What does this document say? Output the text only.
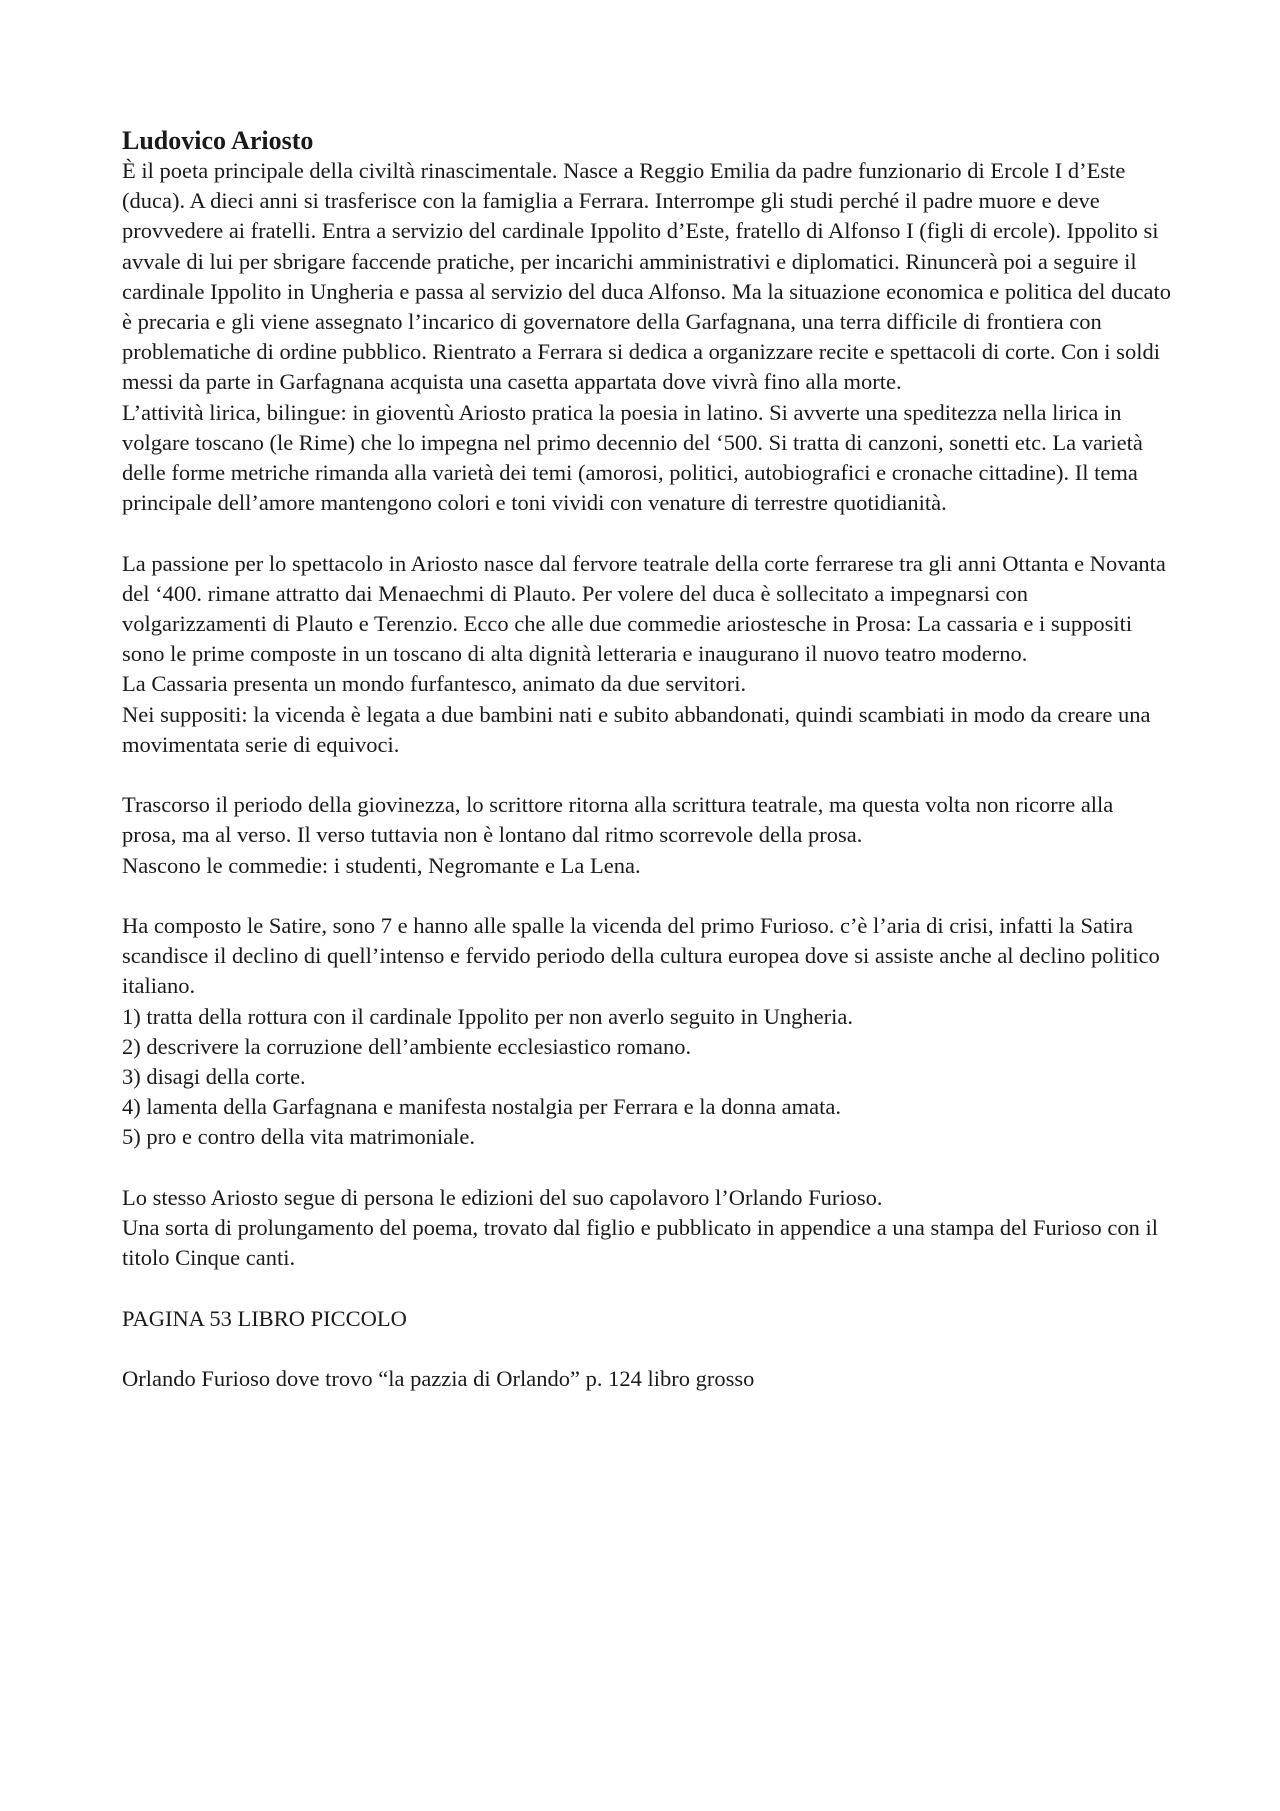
Ludovico Ariosto

È il poeta principale della civiltà rinascimentale. Nasce a Reggio Emilia da padre funzionario di Ercole I d’Este (duca). A dieci anni si trasferisce con la famiglia a Ferrara. Interrompe gli studi perché il padre muore e deve provvedere ai fratelli. Entra a servizio del cardinale Ippolito d’Este, fratello di Alfonso I (figli di ercole). Ippolito si avvale di lui per sbrigare faccende pratiche, per incarichi amministrativi e diplomatici. Rinuncerà poi a seguire il cardinale Ippolito in Ungheria e passa al servizio del duca Alfonso. Ma la situazione economica e politica del ducato è precaria e gli viene assegnato l’incarico di governatore della Garfagnana, una terra difficile di frontiera con problematiche di ordine pubblico. Rientrato a Ferrara si dedica a organizzare recite e spettacoli di corte. Con i soldi messi da parte in Garfagnana acquista una casetta appartata dove vivrà fino alla morte.

L’attività lirica, bilingue: in gioventù Ariosto pratica la poesia in latino. Si avverte una speditezza nella lirica in volgare toscano (le Rime) che lo impegna nel primo decennio del ‘500. Si tratta di canzoni, sonetti etc. La varietà delle forme metriche rimanda alla varietà dei temi (amorosi, politici, autobiografici e cronache cittadine). Il tema principale dell’amore mantengono colori e toni vividi con venature di terrestre quotidianità.

La passione per lo spettacolo in Ariosto nasce dal fervore teatrale della corte ferrarese tra gli anni Ottanta e Novanta del ‘400. rimane attratto dai Menaechmi di Plauto. Per volere del duca è sollecitato a impegnarsi con volgarizzamenti di Plauto e Terenzio. Ecco che alle due commedie ariostesche in Prosa: La cassaria e i suppositi sono le prime composte in un toscano di alta dignità letteraria e inaugurano il nuovo teatro moderno.

La Cassaria presenta un mondo furfantesco, animato da due servitori.

Nei suppositi: la vicenda è legata a due bambini nati e subito abbandonati, quindi scambiati in modo da creare una movimentata serie di equivoci.

Trascorso il periodo della giovinezza, lo scrittore ritorna alla scrittura teatrale, ma questa volta non ricorre alla prosa, ma al verso. Il verso tuttavia non è lontano dal ritmo scorrevole della prosa.

Nascono le commedie: i studenti, Negromante e La Lena.

Ha composto le Satire, sono 7 e hanno alle spalle la vicenda del primo Furioso. c’è l’aria di crisi, infatti la Satira scandisce il declino di quell’intenso e fervido periodo della cultura europea dove si assiste anche al declino politico italiano.

1) tratta della rottura con il cardinale Ippolito per non averlo seguito in Ungheria.
2) descrivere la corruzione dell’ambiente ecclesiastico romano.
3) disagi della corte.
4) lamenta della Garfagnana e manifesta nostalgia per Ferrara e la donna amata.
5) pro e contro della vita matrimoniale.

Lo stesso Ariosto segue di persona le edizioni del suo capolavoro l’Orlando Furioso.

Una sorta di prolungamento del poema, trovato dal figlio e pubblicato in appendice a una stampa del Furioso con il titolo Cinque canti.

PAGINA 53 LIBRO PICCOLO

Orlando Furioso dove trovo “la pazzia di Orlando” p. 124 libro grosso
